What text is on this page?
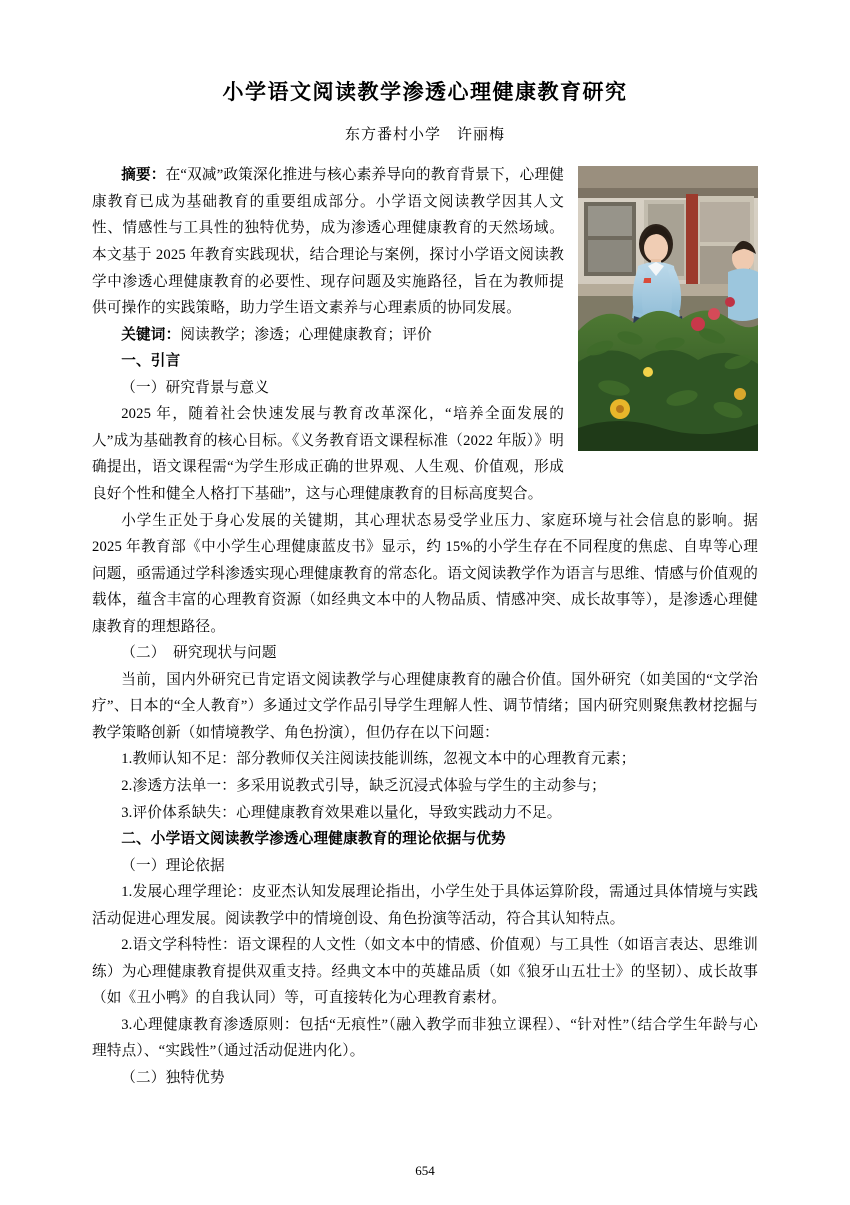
小学语文阅读教学渗透心理健康教育研究
东方番村小学　许丽梅

摘要：在“双减”政策深化推进与核心素养导向的教育背景下，心理健康教育已成为基础教育的重要组成部分。小学语文阅读教学因其人文性、情感性与工具性的独特优势，成为渗透心理健康教育的天然场域。本文基于 2025 年教育实践现状，结合理论与案例，探讨小学语文阅读教学中渗透心理健康教育的必要性、现存问题及实施路径，旨在为教师提供可操作的实践策略，助力学生语文素养与心理素质的协同发展。

关键词：阅读教学；渗透；心理健康教育；评价

一、引言

（一）研究背景与意义

2025 年，随着社会快速发展与教育改革深化，“培养全面发展的人”成为基础教育的核心目标。《义务教育语文课程标准（2022 年版）》明确提出，语文课程需“为学生形成正确的世界观、人生观、价值观，形成良好个性和健全人格打下基础”，这与心理健康教育的目标高度契合。

小学生正处于身心发展的关键期，其心理状态易受学业压力、家庭环境与社会信息的影响。据 2025 年教育部《中小学生心理健康蓝皮书》显示，约 15%的小学生存在不同程度的焦虑、自卑等心理问题，亟需通过学科渗透实现心理健康教育的常态化。语文阅读教学作为语言与思维、情感与价值观的载体，蕴含丰富的心理教育资源（如经典文本中的人物品质、情感冲突、成长故事等），是渗透心理健康教育的理想路径。

（二）　研究现状与问题

当前，国内外研究已肯定语文阅读教学与心理健康教育的融合价值。国外研究（如美国的“文学治疗”、日本的“全人教育”）多通过文学作品引导学生理解人性、调节情绪；国内研究则聚焦教材挖掘与教学策略创新（如情境教学、角色扮演），但仍存在以下问题：

1.教师认知不足：部分教师仅关注阅读技能训练，忽视文本中的心理教育元素；

2.渗透方法单一：多采用说教式引导，缺乏沉浸式体验与学生的主动参与；

3.评价体系缺失：心理健康教育效果难以量化，导致实践动力不足。

二、小学语文阅读教学渗透心理健康教育的理论依据与优势

（一）理论依据

1.发展心理学理论：皮亚杰认知发展理论指出，小学生处于具体运算阶段，需通过具体情境与实践活动促进心理发展。阅读教学中的情境创设、角色扮演等活动，符合其认知特点。

2.语文学科特性：语文课程的人文性（如文本中的情感、价值观）与工具性（如语言表达、思维训练）为心理健康教育提供双重支持。经典文本中的英雄品质（如《狼牙山五壮士》的坚韧）、成长故事（如《丑小鸭》的自我认同）等，可直接转化为心理教育素材。

3.心理健康教育渗透原则：包括“无痕性”（融入教学而非独立课程）、“针对性”（结合学生年龄与心理特点）、“实践性”（通过活动促进内化）。

（二）独特优势

654
